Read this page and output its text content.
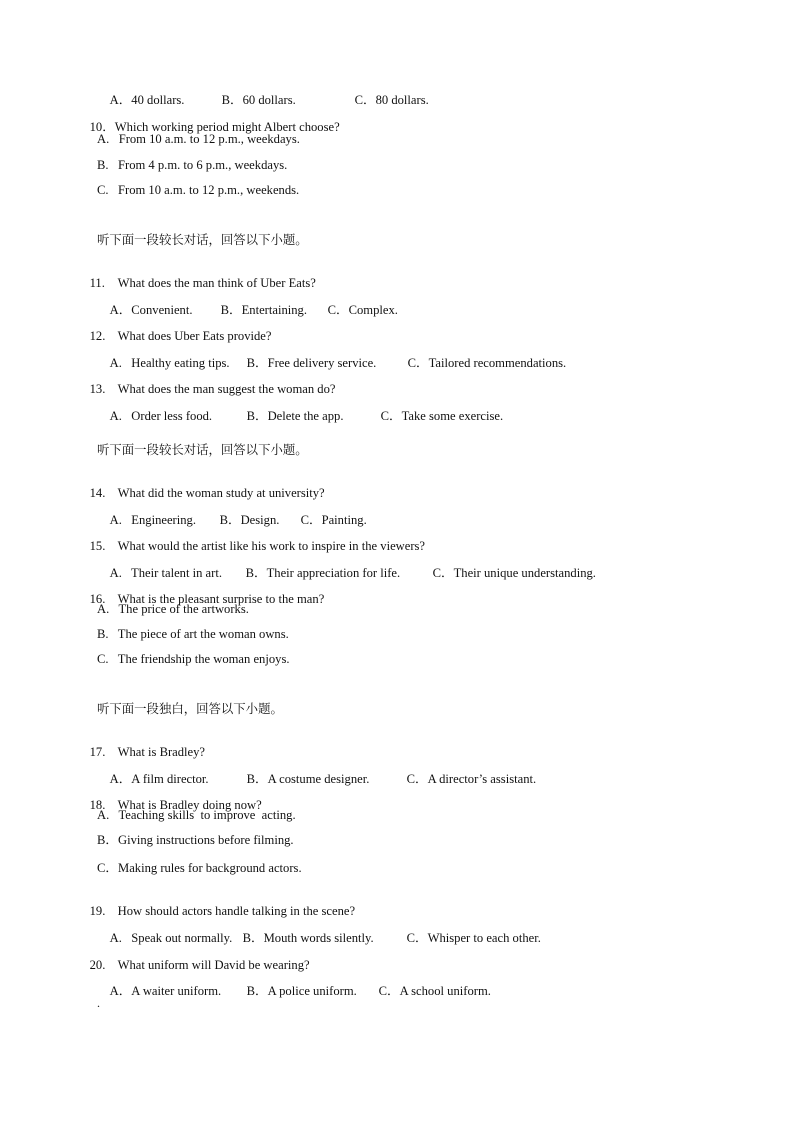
A．40 dollars.	B．60 dollars.	C．80 dollars.

10．Which working period might Albert choose?

A.   From 10 a.m. to 12 p.m., weekdays.
B.   From 4 p.m. to 6 p.m., weekdays.
C.   From 10 a.m. to 12 p.m., weekends.
听下面一段较长对话，回答以下小题。

11. What does the man think of Uber Eats?

A．Convenient. B．Entertaining. C．Complex.

12. What does Uber Eats provide?

A.   Healthy eating tips. B．Free delivery service. C．Tailored recommendations.

13. What does the man suggest the woman do?

A.   Order less food.	B．Delete the app.	C．Take some exercise.

听下面一段较长对话，回答以下小题。

14. What did the woman study at university?

A.   Engineering. B．Design. C．Painting.

15. What would the artist like his work to inspire in the viewers?

A.   Their talent in art. B．Their appreciation for life.	C．Their unique understanding.

16. What is the pleasant surprise to the man?

A.   The price of the artworks.
B.   The piece of art the woman owns.
C.   The friendship the woman enjoys.
听下面一段独白，回答以下小题。

17. What is Bradley?

A．A film director.	B．A costume designer.	C．A director’s assistant.

18. What is Bradley doing now?

A.   Teaching skills  to improve  acting.
B．Giving instructions before filming.
C．Making rules for background actors.

19. How should actors handle talking in the scene?

A.   Speak out normally. B．Mouth words silently.	C．Whisper to each other.

20. What uniform will David be wearing?

A．A waiter uniform. B．A police uniform. C．A school uniform.

.
